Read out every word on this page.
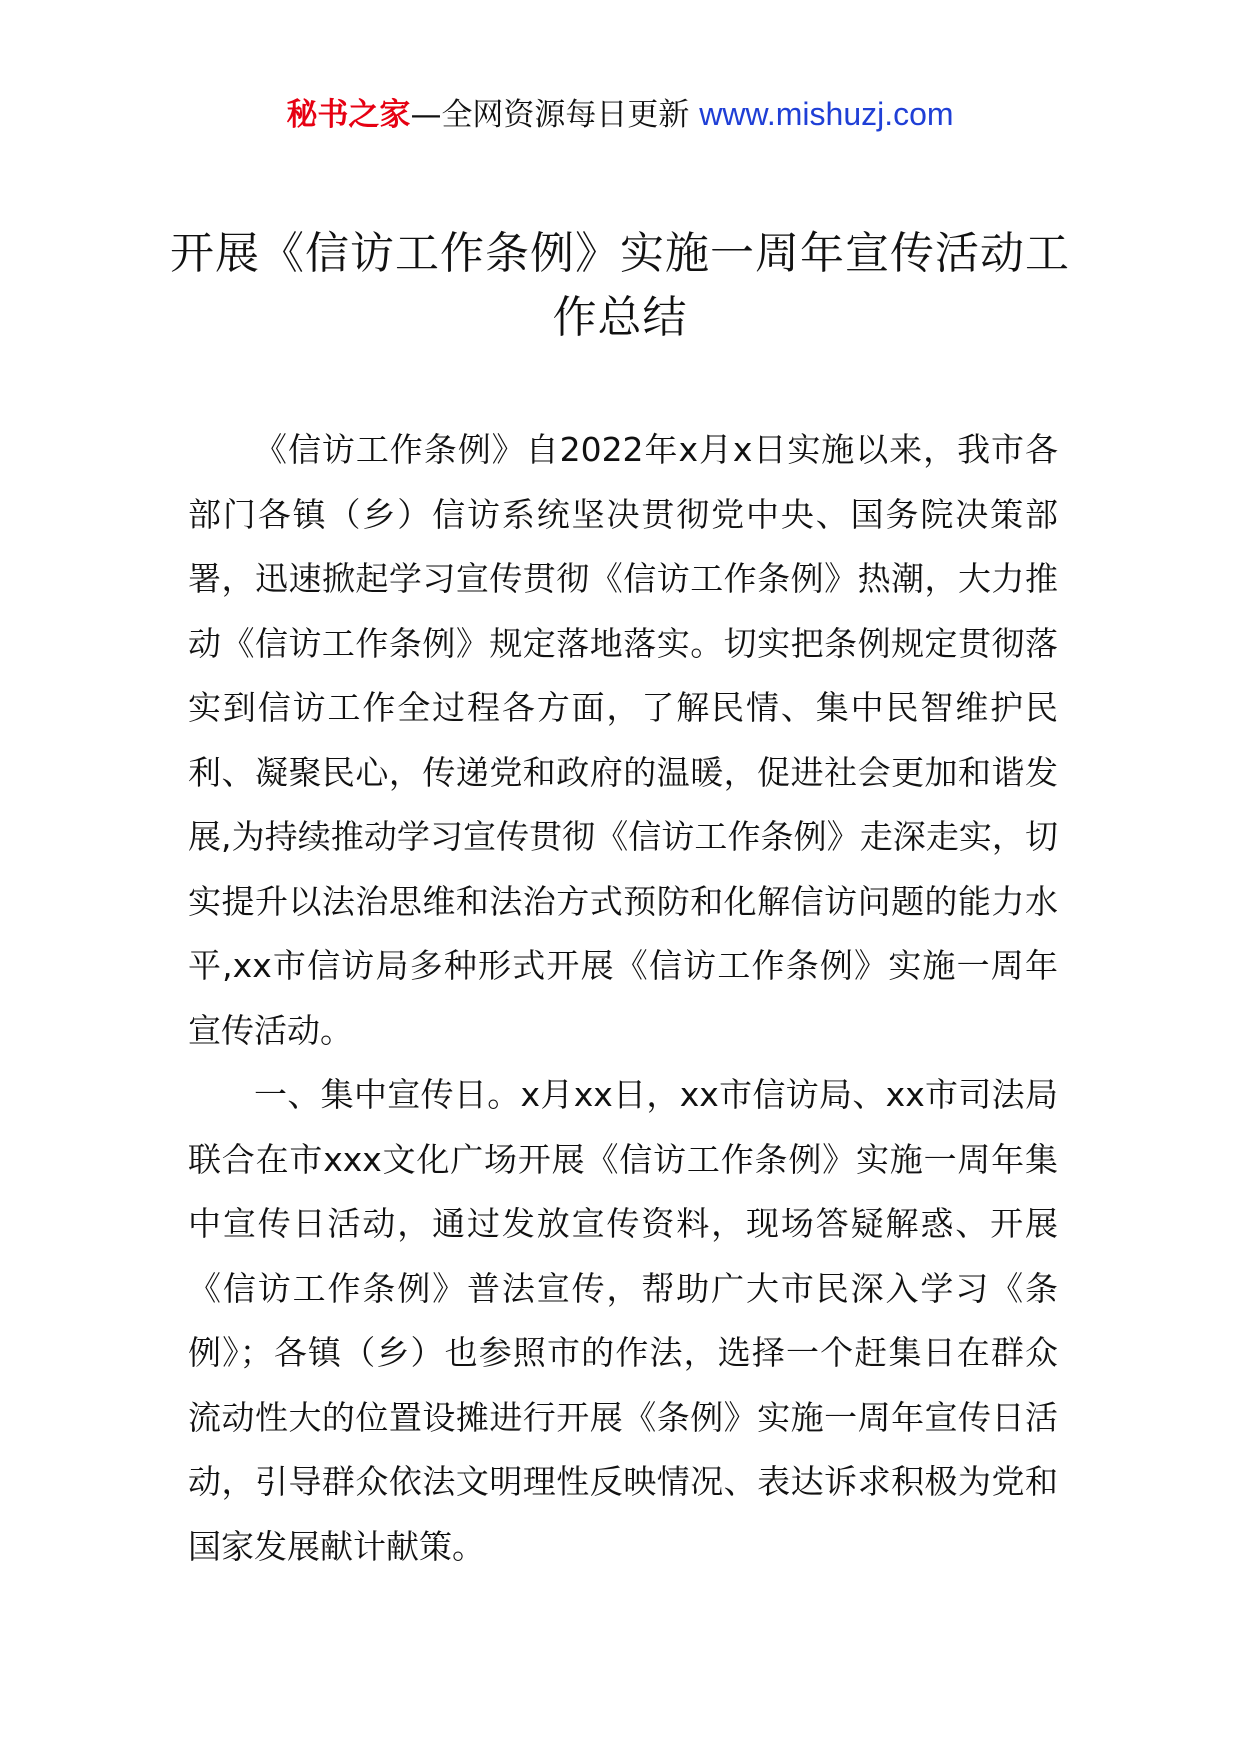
秘书之家—全网资源每日更新 www.mishuzj.com
开展《信访工作条例》实施一周年宣传活动工作总结

《信访工作条例》自2022年x月x日实施以来，我市各部门各镇（乡）信访系统坚决贯彻党中央、国务院决策部署，迅速掀起学习宣传贯彻《信访工作条例》热潮，大力推动《信访工作条例》规定落地落实。切实把条例规定贯彻落实到信访工作全过程各方面，了解民情、集中民智维护民利、凝聚民心，传递党和政府的温暖，促进社会更加和谐发展,为持续推动学习宣传贯彻《信访工作条例》走深走实，切实提升以法治思维和法治方式预防和化解信访问题的能力水平,xx市信访局多种形式开展《信访工作条例》实施一周年宣传活动。

一、集中宣传日。x月xx日，xx市信访局、xx市司法局联合在市xxx文化广场开展《信访工作条例》实施一周年集中宣传日活动，通过发放宣传资料，现场答疑解惑、开展《信访工作条例》普法宣传，帮助广大市民深入学习《条例》；各镇（乡）也参照市的作法，选择一个赶集日在群众流动性大的位置设摊进行开展《条例》实施一周年宣传日活动，引导群众依法文明理性反映情况、表达诉求积极为党和国家发展献计献策。
